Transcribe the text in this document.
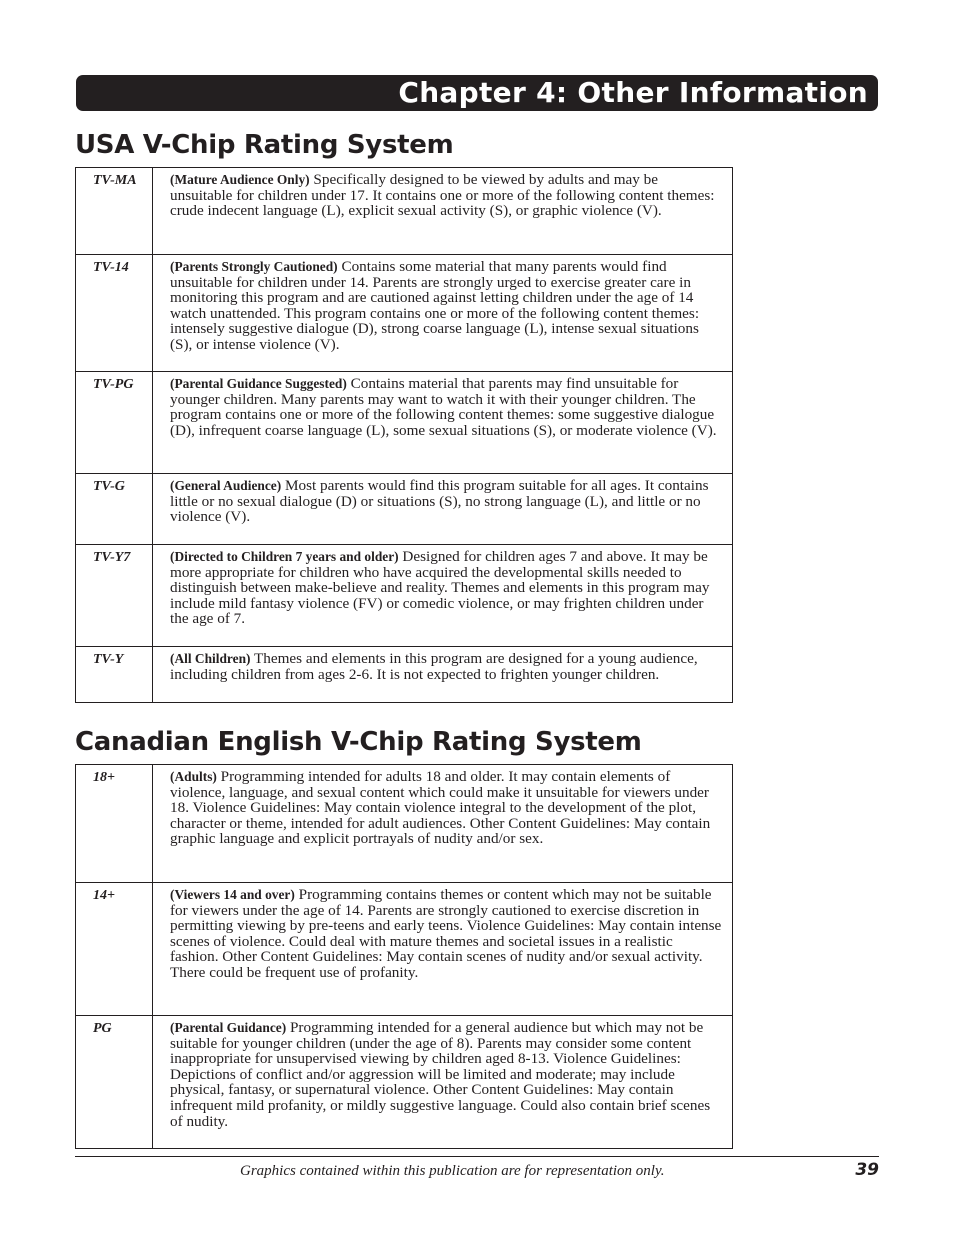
Chapter 4: Other Information
USA V-Chip Rating System
TV-MA	(Mature Audience Only) Specifically designed to be viewed by adults and may be unsuitable for children under 17. It contains one or more of the following content themes: crude indecent language (L), explicit sexual activity (S), or graphic violence (V).
TV-14	(Parents Strongly Cautioned) Contains some material that many parents would find unsuitable for children under 14. Parents are strongly urged to exercise greater care in monitoring this program and are cautioned against letting children under the age of 14 watch unattended. This program contains one or more of the following content themes: intensely suggestive dialogue (D), strong coarse language (L), intense sexual situations (S), or intense violence (V).
TV-PG	(Parental Guidance Suggested) Contains material that parents may find unsuitable for younger children. Many parents may want to watch it with their younger children. The program contains one or more of the following content themes: some suggestive dialogue (D), infrequent coarse language (L), some sexual situations (S), or moderate violence (V).
TV-G	(General Audience) Most parents would find this program suitable for all ages. It contains little or no sexual dialogue (D) or situations (S), no strong language (L), and little or no violence (V).
TV-Y7	(Directed to Children 7 years and older) Designed for children ages 7 and above. It may be more appropriate for children who have acquired the developmental skills needed to distinguish between make-believe and reality. Themes and elements in this program may include mild fantasy violence (FV) or comedic violence, or may frighten children under the age of 7.
TV-Y	(All Children) Themes and elements in this program are designed for a young audience, including children from ages 2-6. It is not expected to frighten younger children.
Canadian English V-Chip Rating System
18+	(Adults) Programming intended for adults 18 and older. It may contain elements of violence, language, and sexual content which could make it unsuitable for viewers under 18. Violence Guidelines: May contain violence integral to the development of the plot, character or theme, intended for adult audiences. Other Content Guidelines: May contain graphic language and explicit portrayals of nudity and/or sex.
14+	(Viewers 14 and over) Programming contains themes or content which may not be suitable for viewers under the age of 14. Parents are strongly cautioned to exercise discretion in permitting viewing by pre-teens and early teens. Violence Guidelines: May contain intense scenes of violence. Could deal with mature themes and societal issues in a realistic fashion. Other Content Guidelines: May contain scenes of nudity and/or sexual activity. There could be frequent use of profanity.
PG	(Parental Guidance) Programming intended for a general audience but which may not be suitable for younger children (under the age of 8). Parents may consider some content inappropriate for unsupervised viewing by children aged 8-13. Violence Guidelines: Depictions of conflict and/or aggression will be limited and moderate; may include physical, fantasy, or supernatural violence. Other Content Guidelines: May contain infrequent mild profanity, or mildly suggestive language. Could also contain brief scenes of nudity.
Graphics contained within this publication are for representation only.	39
